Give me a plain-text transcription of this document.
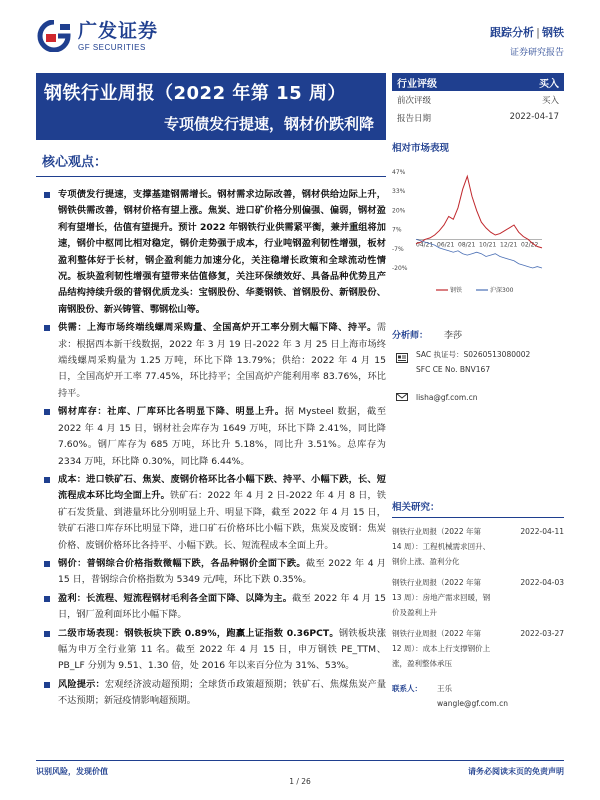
广发证券
GF SECURITIES
跟踪分析 | 钢铁
证券研究报告
钢铁行业周报（2022 年第 15 周）
专项债发行提速，钢材价跌利降
行业评级	买入
前次评级	买入
报告日期	2022-04-17
核心观点：
专项债发行提速，支撑基建钢需增长。钢材需求边际改善，钢材供给边际上升，钢铁供需改善，钢材价格有望上涨。焦炭、进口矿价格分别偏强、偏弱，钢材盈利有望增长，估值有望提升。预计 2022 年钢铁行业供需紧平衡，兼并重组将加速，钢价中枢同比相对稳定，钢价走势强于成本，行业吨钢盈利韧性增强，板材盈利整体好于长材，钢企盈利能力加速分化，关注稳增长政策和全球流动性情况。板块盈利韧性增强有望带来估值修复，关注环保绩效好、具备品种优势且产品结构持续升级的普钢优质龙头：宝钢股份、华菱钢铁、首钢股份、新钢股份、南钢股份、新兴铸管、鄂钢松山等。
供需：上海市场终端线螺周采购量、全国高炉开工率分别大幅下降、持平。需求：根据西本新干线数据，2022 年 3 月 19 日-2022 年 3 月 25 日上海市场终端线螺周采购量为 1.25 万吨，环比下降 13.79%；供给：2022 年 4 月 15 日，全国高炉开工率 77.45%，环比持平；全国高炉产能利用率 83.76%，环比持平。
钢材库存：社库、厂库环比各明显下降、明显上升。据 Mysteel 数据，截至 2022 年 4 月 15 日，钢材社会库存为 1649 万吨，环比下降 2.41%，同比降 7.60%。钢厂库存为 685 万吨，环比升 5.18%，同比升 3.51%。总库存为 2334 万吨，环比降 0.30%，同比降 6.44%。
成本：进口铁矿石、焦炭、废钢价格环比各小幅下跌、持平、小幅下跌，长、短流程成本环比均全面上升。铁矿石：2022 年 4 月 2 日-2022 年 4 月 8 日，铁矿石发货量、到港量环比分别明显上升、明显下降，截至 2022 年 4 月 15 日，铁矿石港口库存环比明显下降，进口矿石价格环比小幅下跌，焦炭及废钢：焦炭价格、废钢价格环比各持平、小幅下跌。长、短流程成本全面上升。
钢价：普钢综合价格指数微幅下跌，各品种钢价全面下跌。截至 2022 年 4 月 15 日，普钢综合价格指数为 5349 元/吨，环比下跌 0.35%。
盈利：长流程、短流程钢材毛利各全面下降、以降为主。截至 2022 年 4 月 15 日，钢厂盈利面环比小幅下降。
二级市场表现：钢铁板块下跌 0.89%，跑赢上证指数 0.36PCT。钢铁板块涨幅为申万全行业第 11 名。截至 2022 年 4 月 15 日，申万钢铁 PE_TTM、PB_LF 分别为 9.51、1.30 倍，处 2016 年以来百分位为 31%、53%。
风险提示：宏观经济波动超预期；全球货币政策超预期；铁矿石、焦煤焦炭产量不达预期；新冠疫情影响超预期。
相对市场表现
47%
33%
20%
7%
-7%
-20%
04/21 06/21 08/21 10/21 12/21 02/22
钢铁	沪深300
分析师：	李莎
SAC 执证号：S0260513080002
SFC CE No. BNV167
lisha@gf.com.cn
相关研究：
钢铁行业周报（2022 年第	2022-04-11
14 周）：工程机械需求回升、
钢价上涨、盈利分化
钢铁行业周报（2022 年第	2022-04-03
13 周）：房地产需求回暖，钢
价及盈利上升
钢铁行业周报（2022 年第	2022-03-27
12 周）：成本上行支撑钢价上
涨，盈利整体承压
联系人：	王乐
wangle@gf.com.cn
识别风险，发现价值	请务必阅读末页的免责声明
1 / 26
